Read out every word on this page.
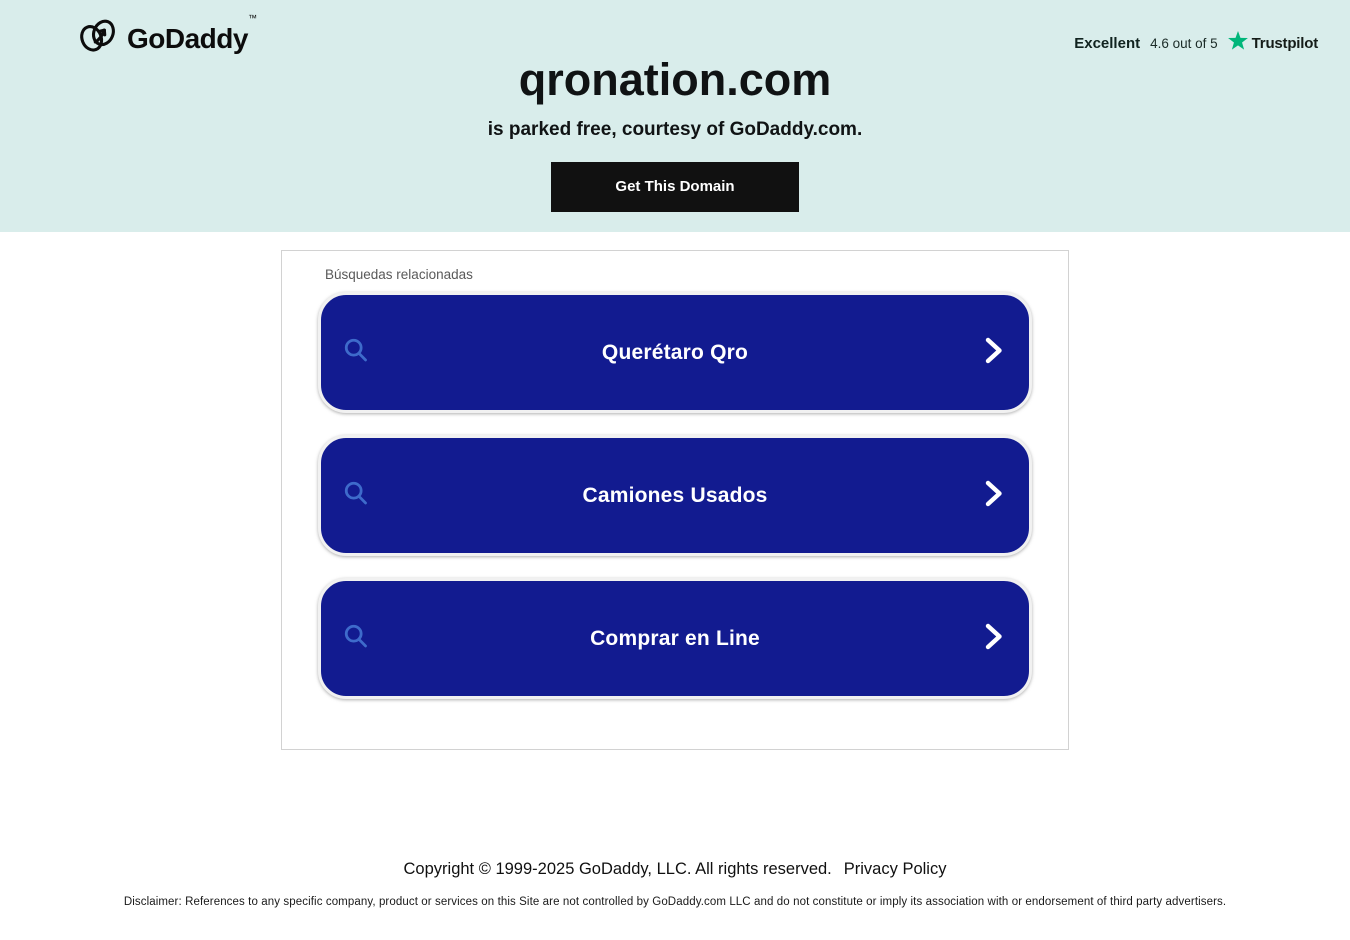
GoDaddy™
Excellent 4.6 out of 5 Trustpilot
qronation.com
is parked free, courtesy of GoDaddy.com.
Get This Domain
Búsquedas relacionadas
Querétaro Qro
Camiones Usados
Comprar en Line
Copyright © 1999-2025 GoDaddy, LLC. All rights reserved. Privacy Policy
Disclaimer: References to any specific company, product or services on this Site are not controlled by GoDaddy.com LLC and do not constitute or imply its association with or endorsement of third party advertisers.
